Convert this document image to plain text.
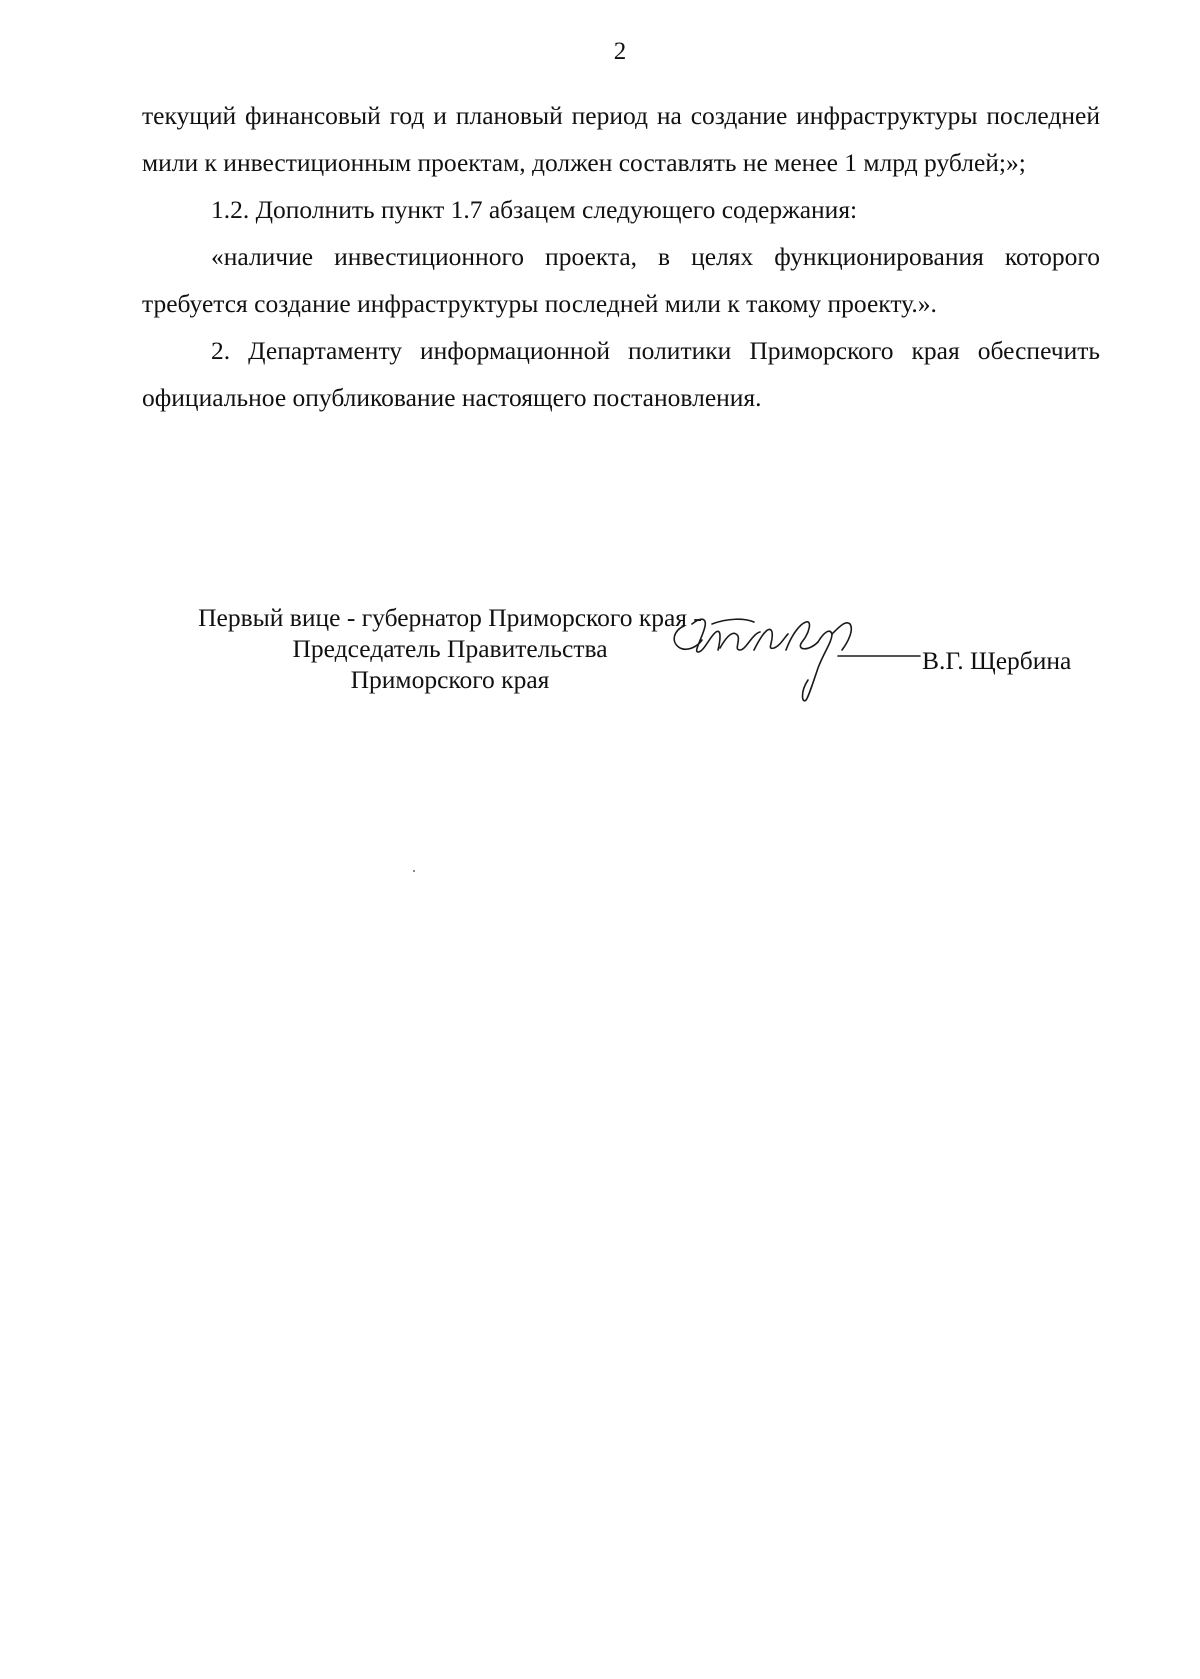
2

текущий финансовый год и плановый период на создание инфраструктуры последней мили к инвестиционным проектам, должен составлять не менее 1 млрд рублей;»;

1.2. Дополнить пункт 1.7 абзацем следующего содержания:

«наличие инвестиционного проекта, в целях функционирования которого требуется создание инфраструктуры последней мили к такому проекту.».

2. Департаменту информационной политики Приморского края обеспечить официальное опубликование настоящего постановления.

Первый вице - губернатор Приморского края -
Председатель Правительства
Приморского края
В.Г. Щербина
